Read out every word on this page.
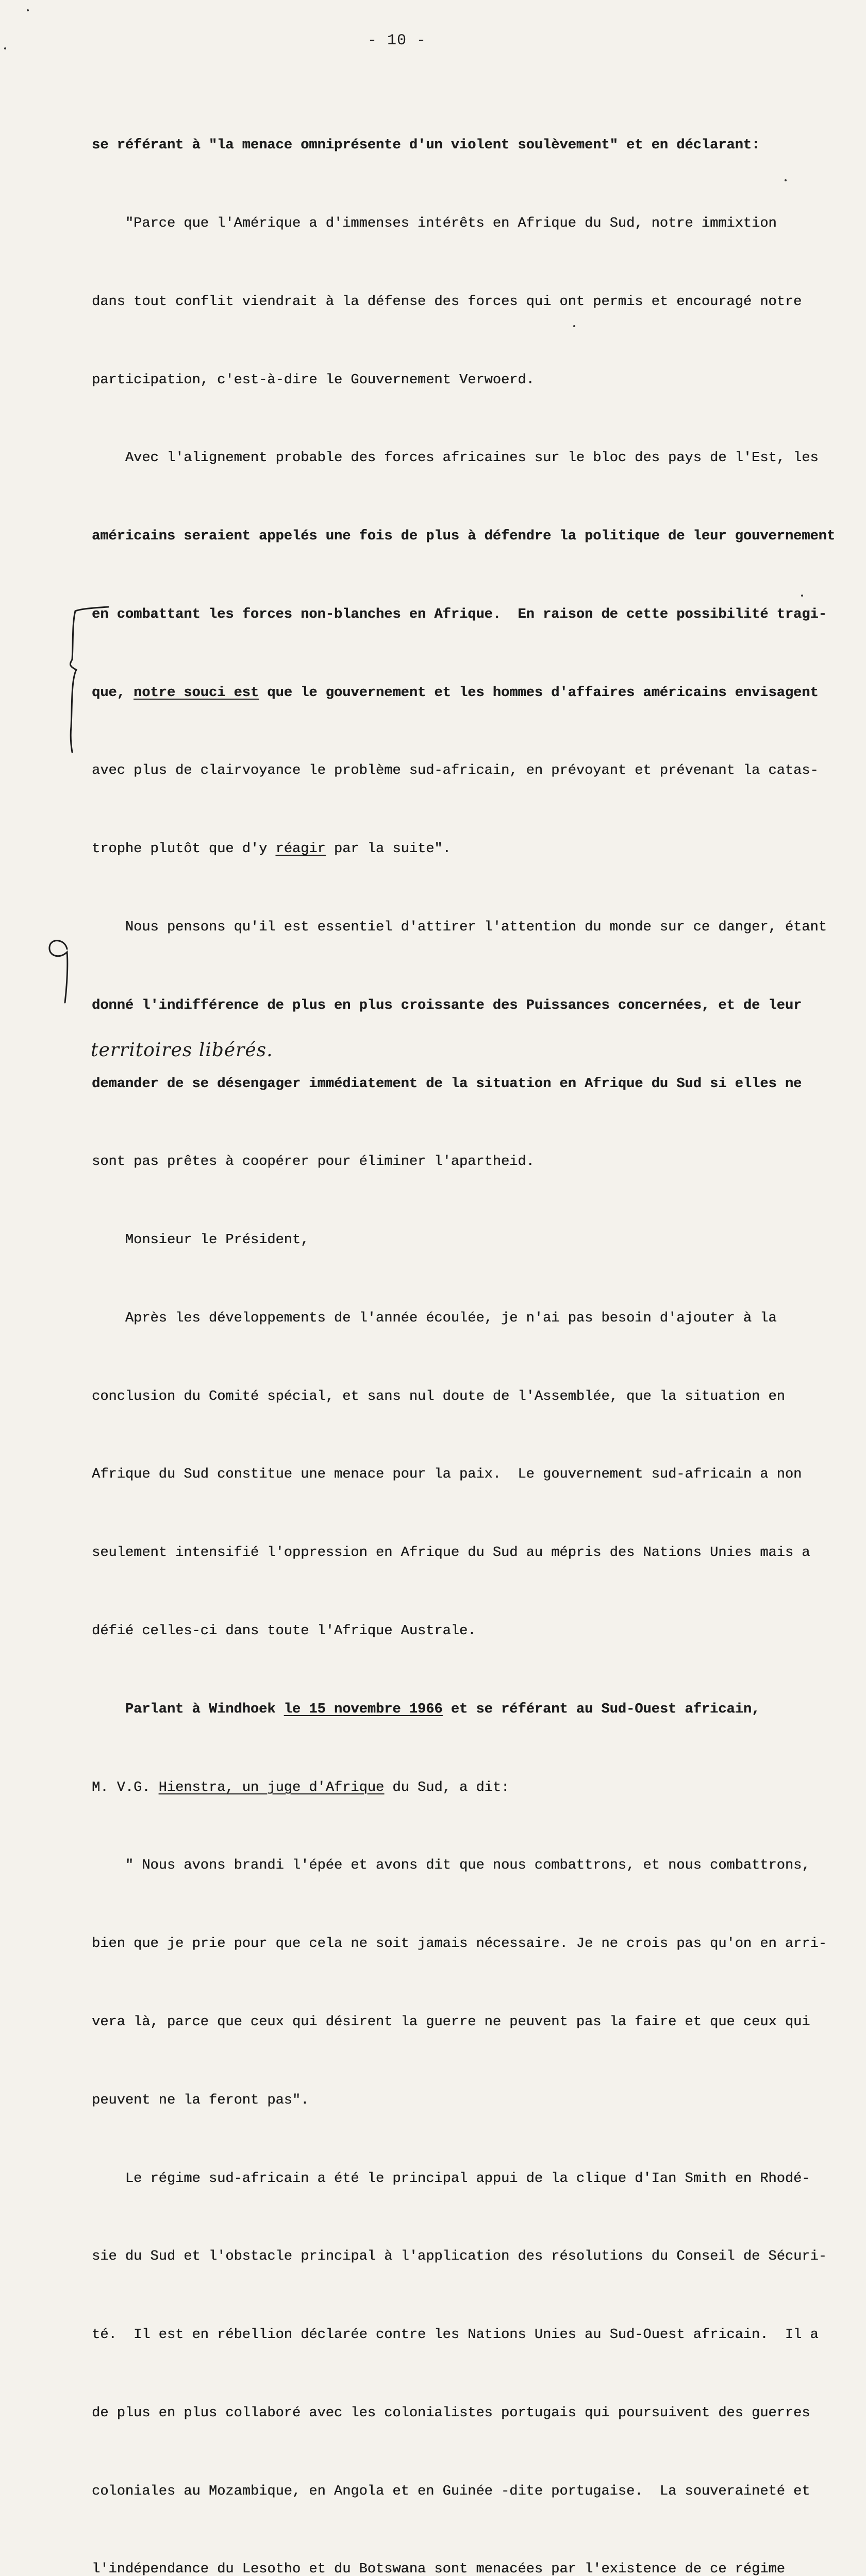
- 10 -

se référant à "la menace omniprésente d'un violent soulèvement" et en déclarant:

"Parce que l'Amérique a d'immenses intérêts en Afrique du Sud, notre immixtion

dans tout conflit viendrait à la défense des forces qui ont permis et encouragé notre

participation, c'est-à-dire le Gouvernement Verwoerd.

Avec l'alignement probable des forces africaines sur le bloc des pays de l'Est, les

américains seraient appelés une fois de plus à défendre la politique de leur gouvernement

en combattant les forces non-blanches en Afrique.  En raison de cette possibilité tragi-

que, notre souci est que le gouvernement et les hommes d'affaires américains envisagent

avec plus de clairvoyance le problème sud-africain, en prévoyant et prévenant la catas-

trophe plutôt que d'y réagir par la suite".

Nous pensons qu'il est essentiel d'attirer l'attention du monde sur ce danger, étant

donné l'indifférence de plus en plus croissante des Puissances concernées, et de leur

demander de se désengager immédiatement de la situation en Afrique du Sud si elles ne

sont pas prêtes à coopérer pour éliminer l'apartheid.

Monsieur le Président,

Après les développements de l'année écoulée, je n'ai pas besoin d'ajouter à la

conclusion du Comité spécial, et sans nul doute de l'Assemblée, que la situation en

Afrique du Sud constitue une menace pour la paix.  Le gouvernement sud-africain a non

seulement intensifié l'oppression en Afrique du Sud au mépris des Nations Unies mais a

défié celles-ci dans toute l'Afrique Australe.

Parlant à Windhoek le 15 novembre 1966 et se référant au Sud-Ouest africain,

M. V.G. Hienstra, un juge d'Afrique du Sud, a dit:

" Nous avons brandi l'épée et avons dit que nous combattrons, et nous combattrons,

bien que je prie pour que cela ne soit jamais nécessaire. Je ne crois pas qu'on en arri-

vera là, parce que ceux qui désirent la guerre ne peuvent pas la faire et que ceux qui

peuvent ne la feront pas".

Le régime sud-africain a été le principal appui de la clique d'Ian Smith en Rhodé-

sie du Sud et l'obstacle principal à l'application des résolutions du Conseil de Sécuri-

té.  Il est en rébellion déclarée contre les Nations Unies au Sud-Ouest africain.  Il a

de plus en plus collaboré avec les colonialistes portugais qui poursuivent des guerres

coloniales au Mozambique, en Angola et en Guinée -dite portugaise.  La souveraineté et

l'indépendance du Lesotho et du Botswana sont menacées par l'existence de ce régime

territoires libérés.
9
